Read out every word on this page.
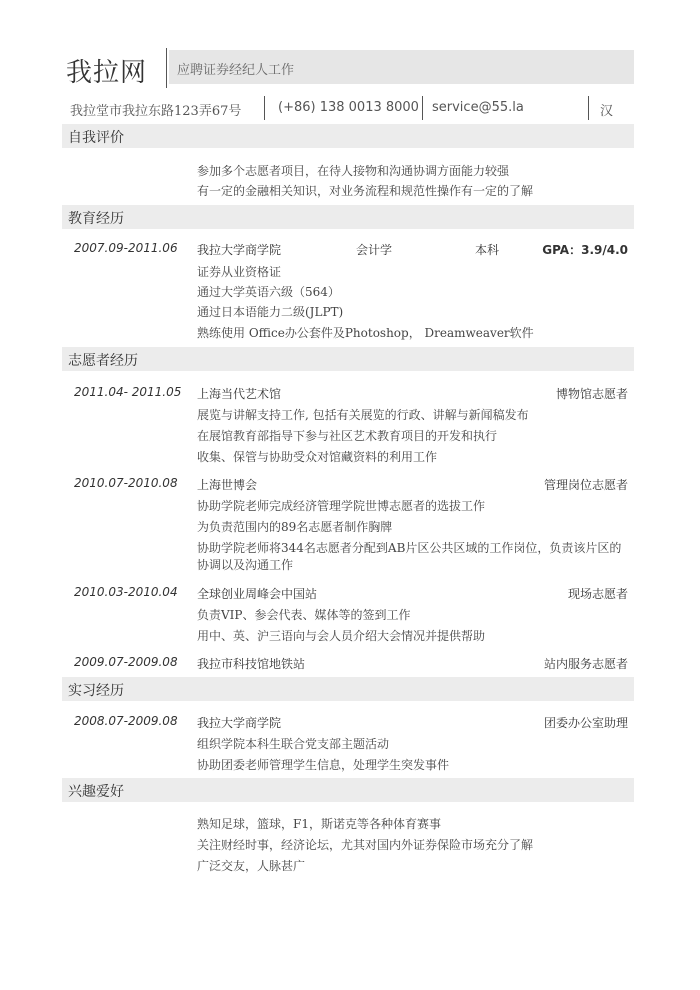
我拉网 应聘证券经纪人工作
我拉堂市我拉东路123弄67号	(+86) 138 0013 8000 service@55.la	汉
自我评价
参加多个志愿者项目，在待人接物和沟通协调方面能力较强
有一定的金融相关知识，对业务流程和规范性操作有一定的了解
教育经历
2007.09-2011.06 我拉大学商学院	会计学	本科	GPA：3.9/4.0
证券从业资格证
通过大学英语六级（564）
通过日本语能力二级(JLPT)
熟练使用 Office办公套件及Photoshop， Dreamweaver软件
志愿者经历
2011.04- 2011.05 上海当代艺术馆	博物馆志愿者
展览与讲解支持工作, 包括有关展览的行政、讲解与新闻稿发布
在展馆教育部指导下参与社区艺术教育项目的开发和执行
收集、保管与协助受众对馆藏资料的利用工作
2010.07-2010.08 上海世博会	管理岗位志愿者
协助学院老师完成经济管理学院世博志愿者的选拔工作
为负责范围内的89名志愿者制作胸牌
协助学院老师将344名志愿者分配到AB片区公共区域的工作岗位，负责该片区的
协调以及沟通工作
2010.03-2010.04 全球创业周峰会中国站	现场志愿者
负责VIP、参会代表、媒体等的签到工作
用中、英、沪三语向与会人员介绍大会情况并提供帮助
2009.07-2009.08 我拉市科技馆地铁站	站内服务志愿者
实习经历
2008.07-2009.08 我拉大学商学院	团委办公室助理
组织学院本科生联合党支部主题活动
协助团委老师管理学生信息，处理学生突发事件
兴趣爱好
熟知足球，篮球，F1，斯诺克等各种体育赛事
关注财经时事，经济论坛，尤其对国内外证券保险市场充分了解
广泛交友，人脉甚广
